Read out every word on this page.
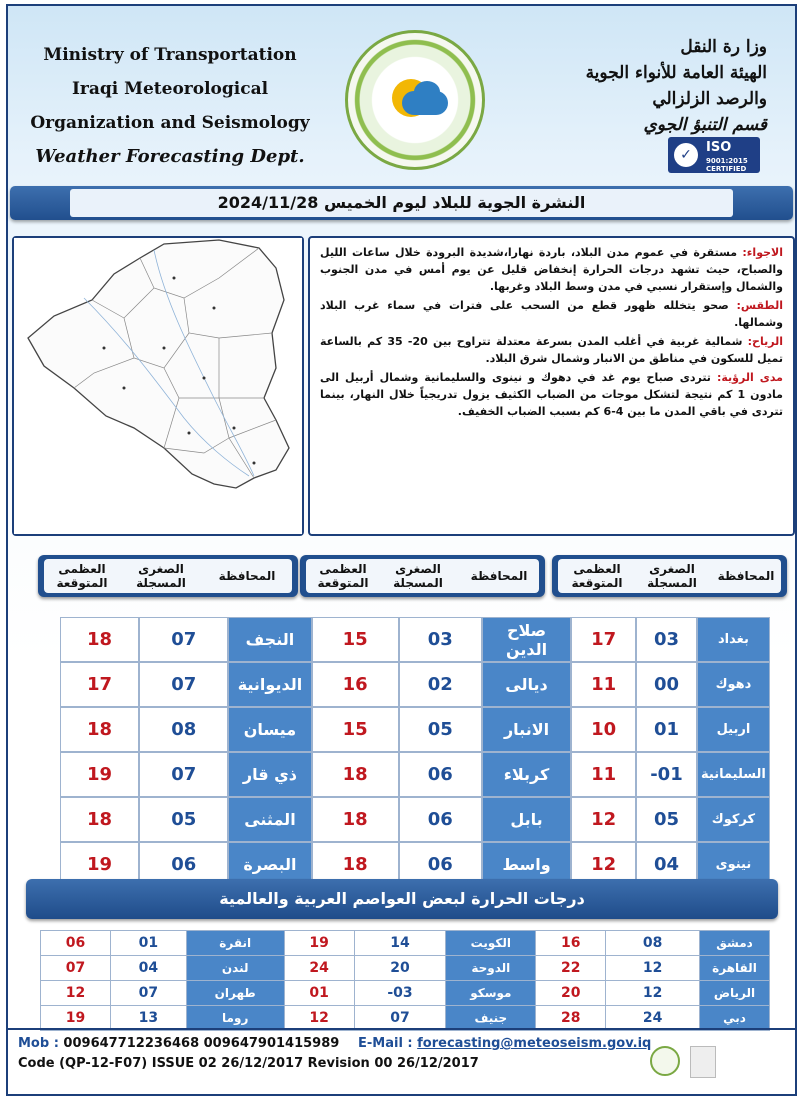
Ministry of Transportation
Iraqi Meteorological
Organization and Seismology
Weather Forecasting Dept.
وزا رة النقل
الهيئة العامة للأنواء الجوية
والرصد الزلزالي
قسم التنبؤ الجوي
✓	ISO
9001:2015 CERTIFIED
النشرة الجوية للبلاد ليوم الخميس 2024/11/28

الاجواء: مستقرة في عموم مدن البلاد، باردة نهارا،شديدة البرودة خلال ساعات الليل والصباح، حيث تشهد درجات الحرارة إنخفاض قليل عن يوم أمس في مدن الجنوب والشمال وإستقرار نسبي في مدن وسط البلاد وغربها.

الطقس: صحو يتخلله ظهور قطع من السحب على فترات في سماء غرب البلاد وشمالها.

الرياح: شمالية غربية في أغلب المدن بسرعة معتدلة تتراوح بين 20- 35 كم بالساعة تميل للسكون في مناطق من الانبار وشمال شرق البلاد.

مدى الرؤية: تتردى صباح يوم غد في دهوك و نينوى والسليمانية وشمال أربيل الى مادون 1 كم نتيجة لتشكل موجات من الضباب الكثيف يزول تدريجياً خلال النهار، بينما تتردى في باقي المدن ما بين 4-6 كم بسبب الضباب الخفيف.

المحافظة
الصغرى المسجلة
العظمى المتوقعة
المحافظة
الصغرى المسجلة
العظمى المتوقعة
المحافظة
الصغرى المسجلة
العظمى المتوقعة
18	07	النجف	15	03	صلاح الدين	17	03	بغداد
17	07	الديوانية	16	02	ديالى	11	00	دهوك
18	08	ميسان	15	05	الانبار	10	01	اربيل
19	07	ذي قار	18	06	كربلاء	11	-01	السليمانية
18	05	المثنى	18	06	بابل	12	05	كركوك
19	06	البصرة	18	06	واسط	12	04	نينوى
درجات الحرارة لبعض العواصم العربية والعالمية
06	01	انقرة	19	14	الكويت	16	08	دمشق
07	04	لندن	24	20	الدوحة	22	12	القاهرة
12	07	طهران	01	-03	موسكو	20	12	الرياض
19	13	روما	12	07	جنيف	28	24	دبي
Mob : 009647712236468 009647901415989 E-Mail : forecasting@meteoseism.gov.iq
Code (QP-12-F07) ISSUE 02 26/12/2017 Revision 00 26/12/2017
